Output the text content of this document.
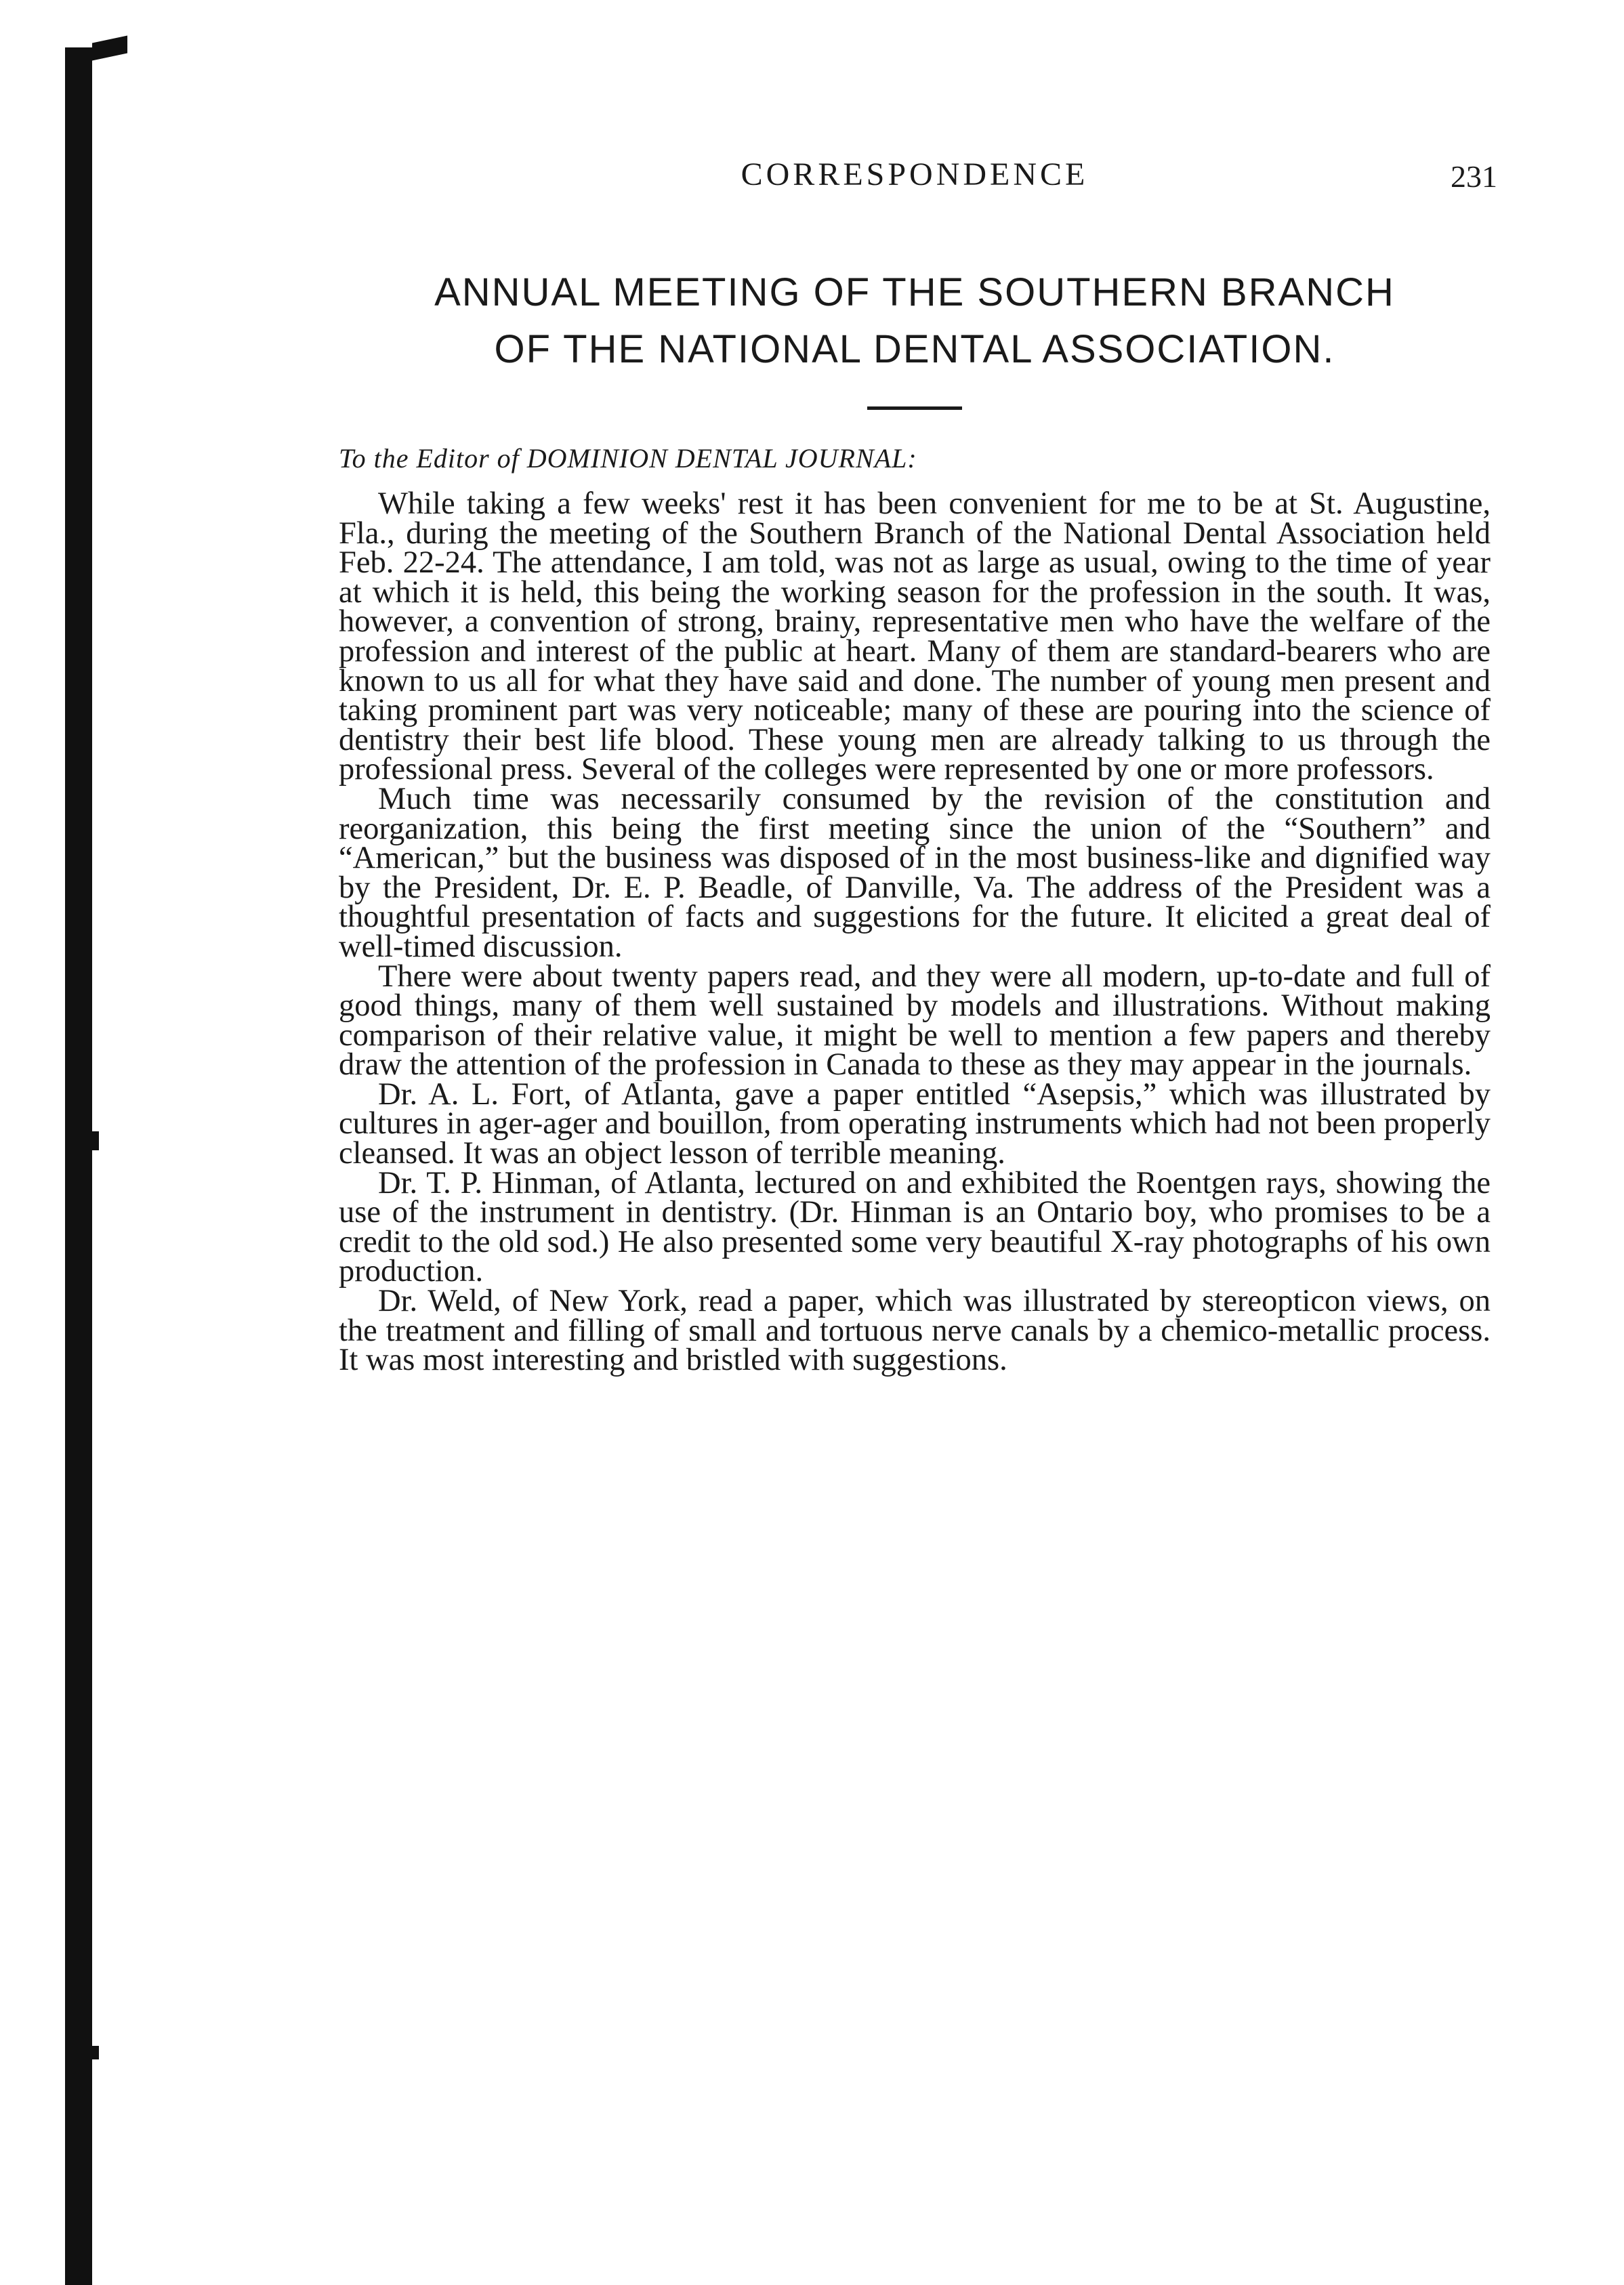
CORRESPONDENCE	231
ANNUAL MEETING OF THE SOUTHERN BRANCH
OF THE NATIONAL DENTAL ASSOCIATION.
To the Editor of DOMINION DENTAL JOURNAL:

While taking a few weeks' rest it has been convenient for me to be at St. Augustine, Fla., during the meeting of the Southern Branch of the National Dental Association held Feb. 22-24. The attendance, I am told, was not as large as usual, owing to the time of year at which it is held, this being the working season for the profession in the south. It was, however, a convention of strong, brainy, representative men who have the welfare of the profession and interest of the public at heart. Many of them are standard-bearers who are known to us all for what they have said and done. The number of young men present and taking prominent part was very noticeable; many of these are pouring into the science of dentistry their best life blood. These young men are already talking to us through the professional press. Several of the colleges were represented by one or more professors.

Much time was necessarily consumed by the revision of the constitution and reorganization, this being the first meeting since the union of the “Southern” and “American,” but the business was disposed of in the most business-like and dignified way by the President, Dr. E. P. Beadle, of Danville, Va. The address of the President was a thoughtful presentation of facts and suggestions for the future. It elicited a great deal of well-timed discussion.

There were about twenty papers read, and they were all modern, up-to-date and full of good things, many of them well sustained by models and illustrations. Without making comparison of their relative value, it might be well to mention a few papers and thereby draw the attention of the profession in Canada to these as they may appear in the journals.

Dr. A. L. Fort, of Atlanta, gave a paper entitled “Asepsis,” which was illustrated by cultures in ager-ager and bouillon, from operating instruments which had not been properly cleansed. It was an object lesson of terrible meaning.

Dr. T. P. Hinman, of Atlanta, lectured on and exhibited the Roentgen rays, showing the use of the instrument in dentistry. (Dr. Hinman is an Ontario boy, who promises to be a credit to the old sod.) He also presented some very beautiful X-ray photographs of his own production.

Dr. Weld, of New York, read a paper, which was illustrated by stereopticon views, on the treatment and filling of small and tortuous nerve canals by a chemico-metallic process. It was most interesting and bristled with suggestions.
